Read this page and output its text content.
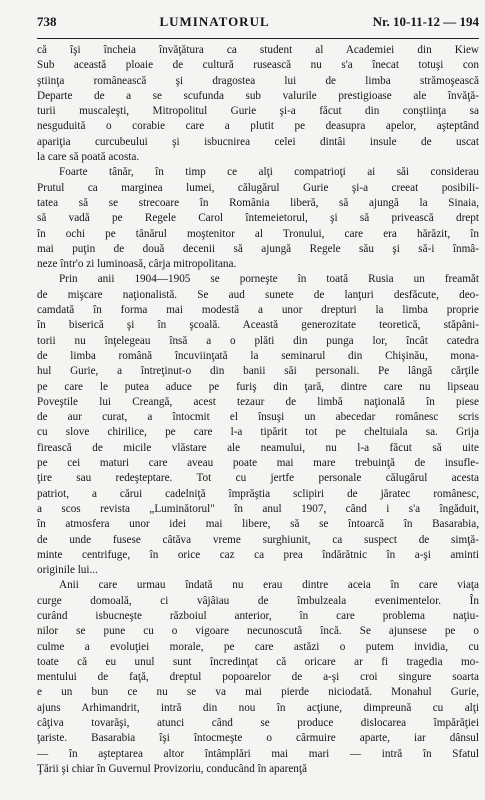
738	LUMINATORUL	Nr. 10-11-12 — 194
că îşi încheia învăţătura ca student al Academiei din Kiew
Sub această ploaie de cultură rusească nu s'a înecat totuşi con
ştiinţa românească şi dragostea lui de limba strămoşească
Departe de a se scufunda sub valurile prestigioase ale învăţă-
turii muscaleşti, Mitropolitul Gurie şi-a făcut din conştiinţa sa
nesguduită o corabie care a plutit pe deasupra apelor, aşteptând
apariţia curcubeului şi isbucnirea celei dintâi insule de uscat
la care să poată acosta.
Foarte tânăr, în timp ce alţi compatrioţi ai săi considerau
Prutul ca marginea lumei, călugărul Gurie şi-a creeat posibili-
tatea să se strecoare în România liberă, să ajungă la Sinaia,
să vadă pe Regele Carol întemeietorul, şi să privească drept
în ochi pe tânărul moştenitor al Tronului, care era hărăzit, în
mai puţin de două decenii să ajungă Regele său şi să-i înmâ-
neze într'o zi luminoasă, cârja mitropolitana.
Prin anii 1904—1905 se porneşte în toată Rusia un freamăt
de mişcare naţionalistă. Se aud sunete de lanţuri desfăcute, deo-
camdată în forma mai modestă a unor drepturi la limba proprie
în biserică şi în şcoală. Această generozitate teoretică, stăpâni-
torii nu înţelegeau însă a o plăti din punga lor, încât catedra
de limba română încuviinţată la seminarul din Chişinău, mona-
hul Gurie, a întreţinut-o din banii săi personali. Pe lângă cărţile
pe care le putea aduce pe furiş din ţară, dintre care nu lipseau
Poveştile lui Creangă, acest tezaur de limbă naţională în piese
de aur curat, a întocmit el însuşi un abecedar românesc scris
cu slove chirilice, pe care l-a tipărit tot pe cheltuiala sa. Grija
firească de micile vlăstare ale neamului, nu l-a făcut să uite
pe cei maturi care aveau poate mai mare trebuinţă de insufle-
ţire sau redeşteptare. Tot cu jertfe personale călugărul acesta
patriot, a cărui cadelniţă împrăştia sclipiri de jăratec românesc,
a scos revista „Luminătorul" în anul 1907, când i s'a îngăduit,
în atmosfera unor idei mai libere, să se întoarcă în Basarabia,
de unde fusese câtăva vreme surghiunit, ca suspect de simţă-
minte centrifuge, în orice caz ca prea îndărătnic în a-şi aminti
originile lui...
Anii care urmau îndată nu erau dintre aceia în care viaţa
curge domoală, ci vâjâiau de îmbulzeala evenimentelor. În
curând isbucneşte războiul anterior, în care problema naţiu-
nilor se pune cu o vigoare necunoscută încă. Se ajunsese pe o
culme a evoluţiei morale, pe care astăzi o putem invidia, cu
toate că eu unul sunt încredinţat că oricare ar fi tragedia mo-
mentului de faţă, dreptul popoarelor de a-şi croi singure soarta
e un bun ce nu se va mai pierde niciodată. Monahul Gurie,
ajuns Arhimandrit, intră din nou în acţiune, dimpreună cu alţi
câţiva tovarăşi, atunci când se produce dislocarea împărăţiei
ţariste. Basarabia îşi întocmeşte o cârmuire aparte, iar dânsul
— în aşteptarea altor întâmplări mai mari — intră în Sfatul
Ţării şi chiar în Guvernul Provizoriu, conducând în aparenţă
